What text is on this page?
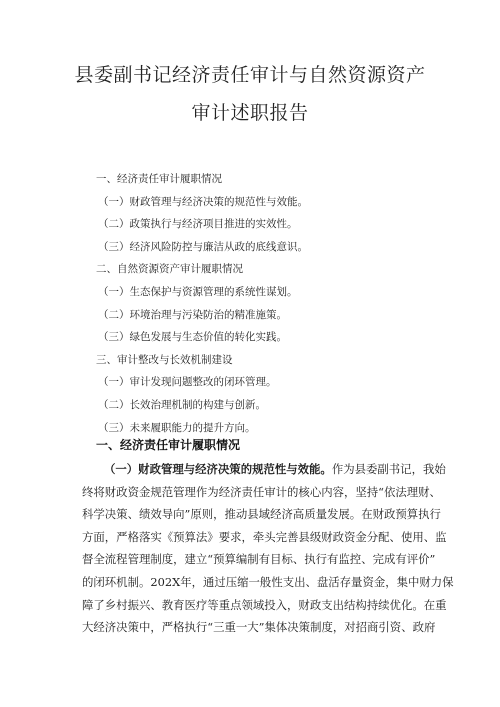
县委副书记经济责任审计与自然资源资产
审计述职报告
一、经济责任审计履职情况
（一）财政管理与经济决策的规范性与效能。
（二）政策执行与经济项目推进的实效性。
（三）经济风险防控与廉洁从政的底线意识。
二、自然资源资产审计履职情况
（一）生态保护与资源管理的系统性谋划。
（二）环境治理与污染防治的精准施策。
（三）绿色发展与生态价值的转化实践。
三、审计整改与长效机制建设
（一）审计发现问题整改的闭环管理。
（二）长效治理机制的构建与创新。
（三）未来履职能力的提升方向。
一、经济责任审计履职情况
（一）财政管理与经济决策的规范性与效能。作为县委副书记，我始
终将财政资金规范管理作为经济责任审计的核心内容，坚持“依法理财、
科学决策、绩效导向”原则，推动县域经济高质量发展。在财政预算执行
方面，严格落实《预算法》要求，牵头完善县级财政资金分配、使用、监
督全流程管理制度，建立“预算编制有目标、执行有监控、完成有评价”
的闭环机制。202X年，通过压缩一般性支出、盘活存量资金，集中财力保
障了乡村振兴、教育医疗等重点领域投入，财政支出结构持续优化。在重
大经济决策中，严格执行“三重一大”集体决策制度，对招商引资、政府
